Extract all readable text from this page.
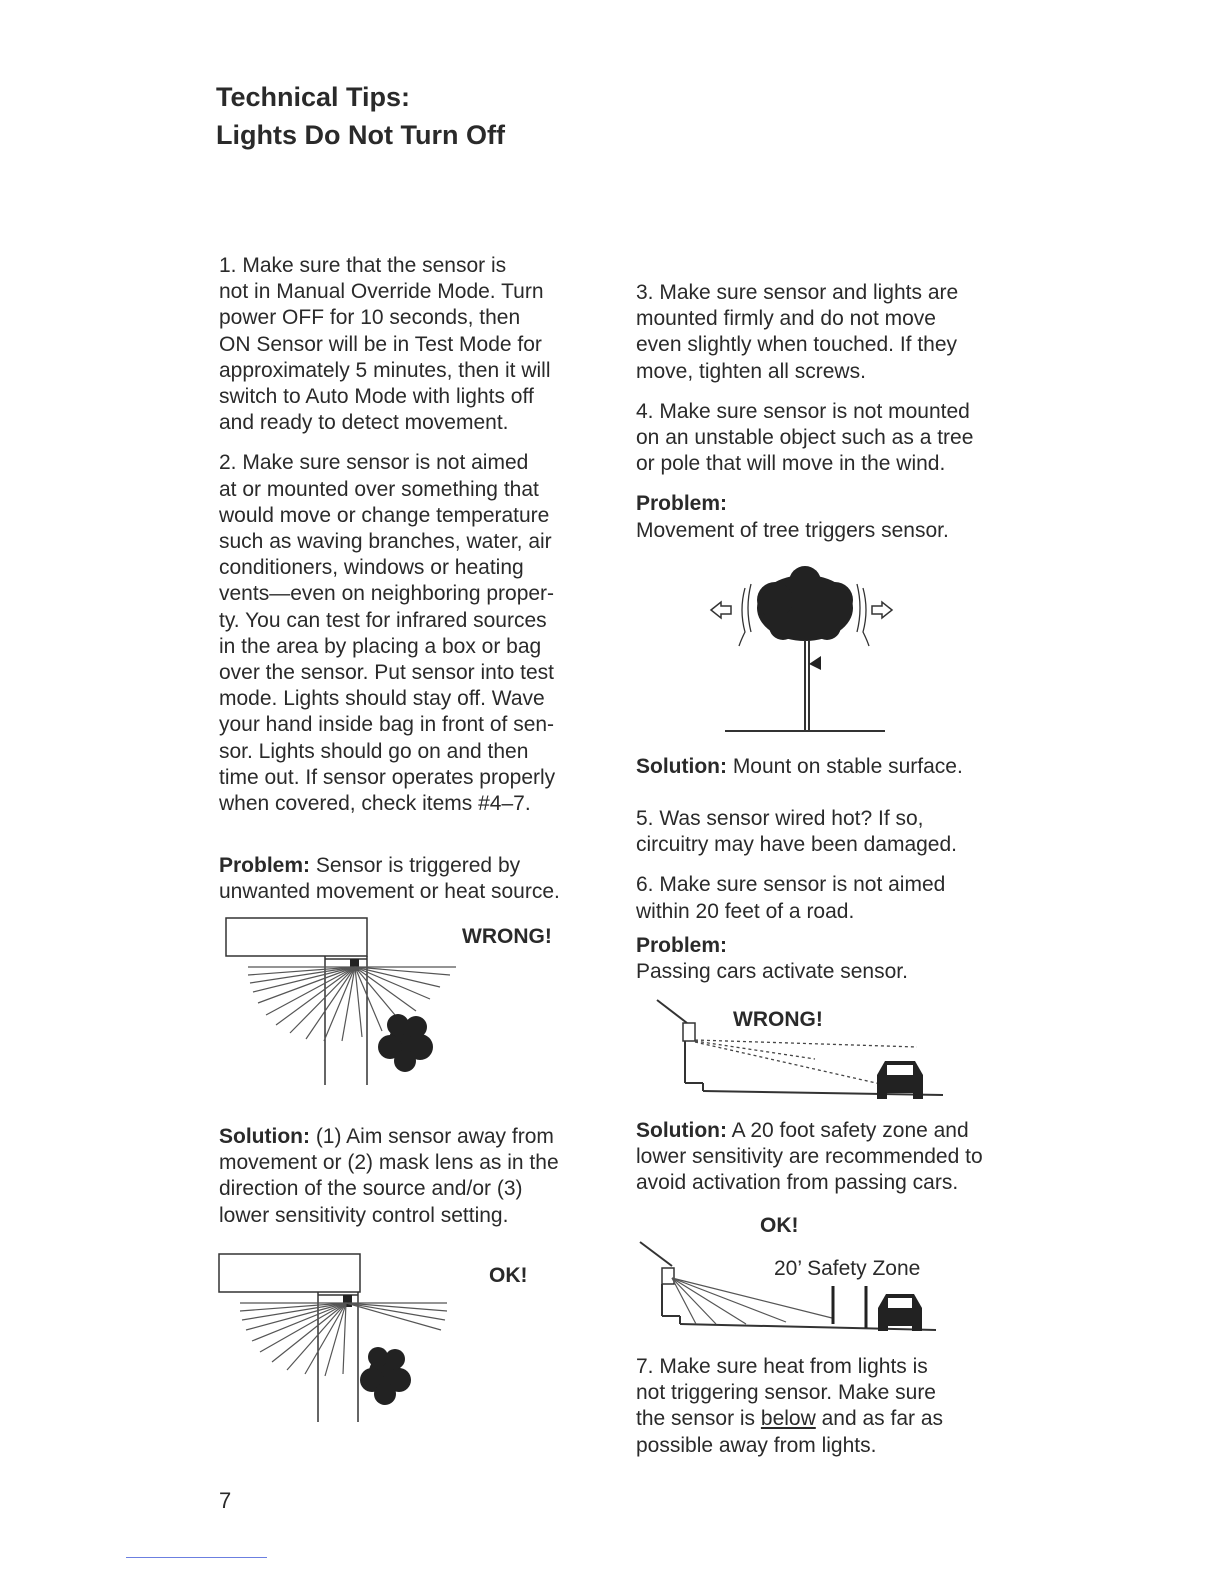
Technical Tips:
Lights Do Not Turn Off

1. Make sure that the sensor is
not in Manual Override Mode. Turn
power OFF for 10 seconds, then
ON Sensor will be in Test Mode for
approximately 5 minutes, then it will
switch to Auto Mode with lights off
and ready to detect movement.

2. Make sure sensor is not aimed
at or mounted over something that
would move or change temperature
such as waving branches, water, air
conditioners, windows or heating
vents—even on neighboring proper-
ty. You can test for infrared sources
in the area by placing a box or bag
over the sensor. Put sensor into test
mode. Lights should stay off. Wave
your hand inside bag in front of sen-
sor. Lights should go on and then
time out. If sensor operates properly
when covered, check items #4–7.

Problem: Sensor is triggered by
unwanted movement or heat source.

WRONG!

Solution: (1) Aim sensor away from
movement or (2) mask lens as in the
direction of the source and/or (3)
lower sensitivity control setting.

OK!

3. Make sure sensor and lights are
mounted firmly and do not move
even slightly when touched. If they
move, tighten all screws.

4. Make sure sensor is not mounted
on an unstable object such as a tree
or pole that will move in the wind.

Problem:

Movement of tree triggers sensor.

Solution: Mount on stable surface.

5. Was sensor wired hot? If so,
circuitry may have been damaged.

6. Make sure sensor is not aimed
within 20 feet of a road.

Problem:

Passing cars activate sensor.

WRONG!

Solution: A 20 foot safety zone and
lower sensitivity are recommended to
avoid activation from passing cars.

OK!
20’ Safety Zone

7. Make sure heat from lights is
not triggering sensor. Make sure
the sensor is below and as far as
possible away from lights.

7
